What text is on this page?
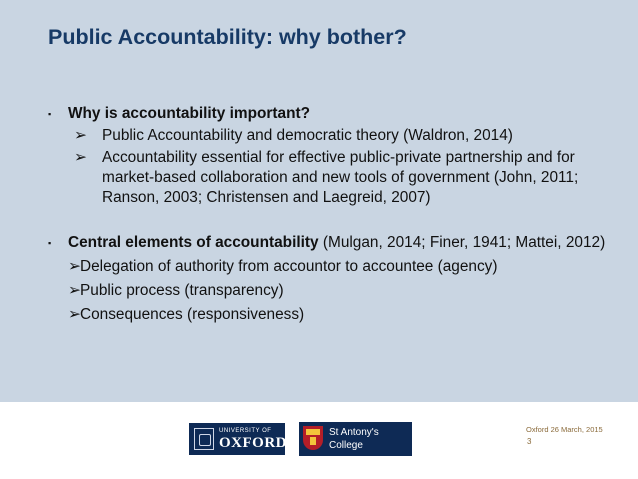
Public Accountability: why bother?
▪ Why is accountability important?
➢ Public Accountability and democratic theory (Waldron, 2014)
➢ Accountability essential for effective public-private partnership and for market-based collaboration and new tools of government (John, 2011; Ranson, 2003; Christensen and Laegreid, 2007)
▪ Central elements of accountability (Mulgan, 2014; Finer, 1941; Mattei, 2012)
➢ Delegation of authority from accountor to accountee (agency)
➢ Public process (transparency)
➢ Consequences (responsiveness)
UNIVERSITY OF
OXFORD
St Antony's
College
Oxford 26 March, 2015
3
